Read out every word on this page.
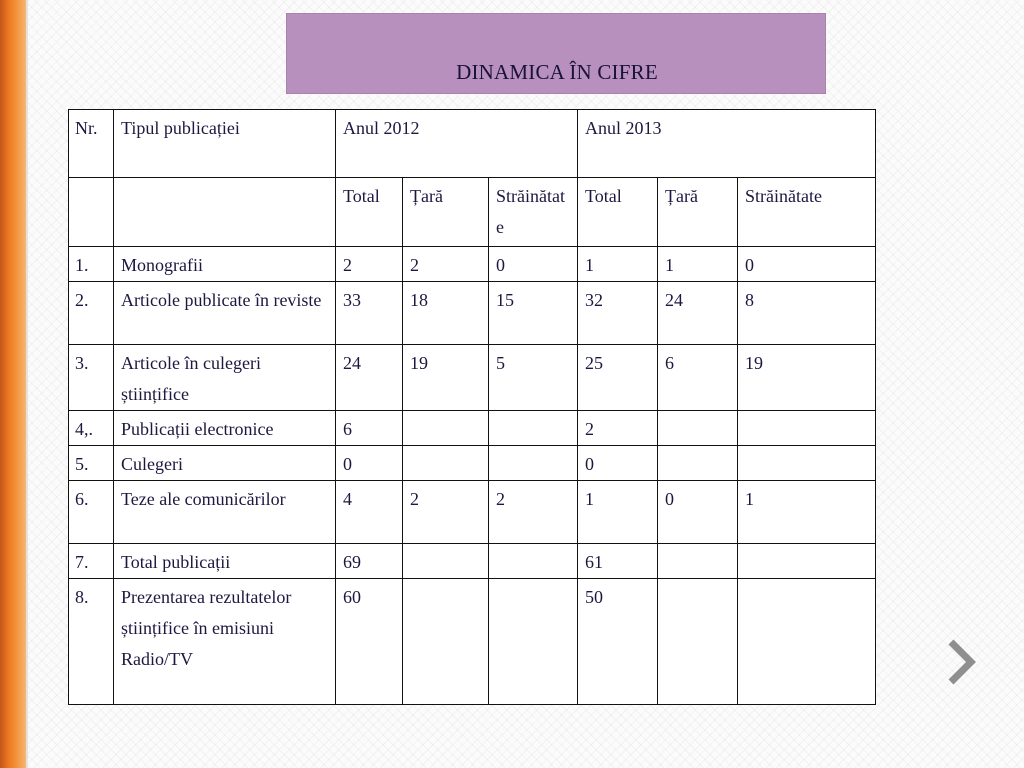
DINAMICA ÎN CIFRE
Nr.	Tipul publicației	Anul 2012			Anul 2013		
		Total	Țară	Străinătate	Total	Țară	Străinătate
1.	Monografii	2	2	0	1	1	0
2.	Articole publicate în reviste	33	18	15	32	24	8
3.	Articole în culegeri științifice	24	19	5	25	6	19
4,.	Publicații electronice	6			2		
5.	Culegeri	0			0		
6.	Teze ale comunicărilor	4	2	2	1	0	1
7.	Total publicații	69			61		
8.	Prezentarea rezultatelor științifice în emisiuni Radio/TV	60			50		
